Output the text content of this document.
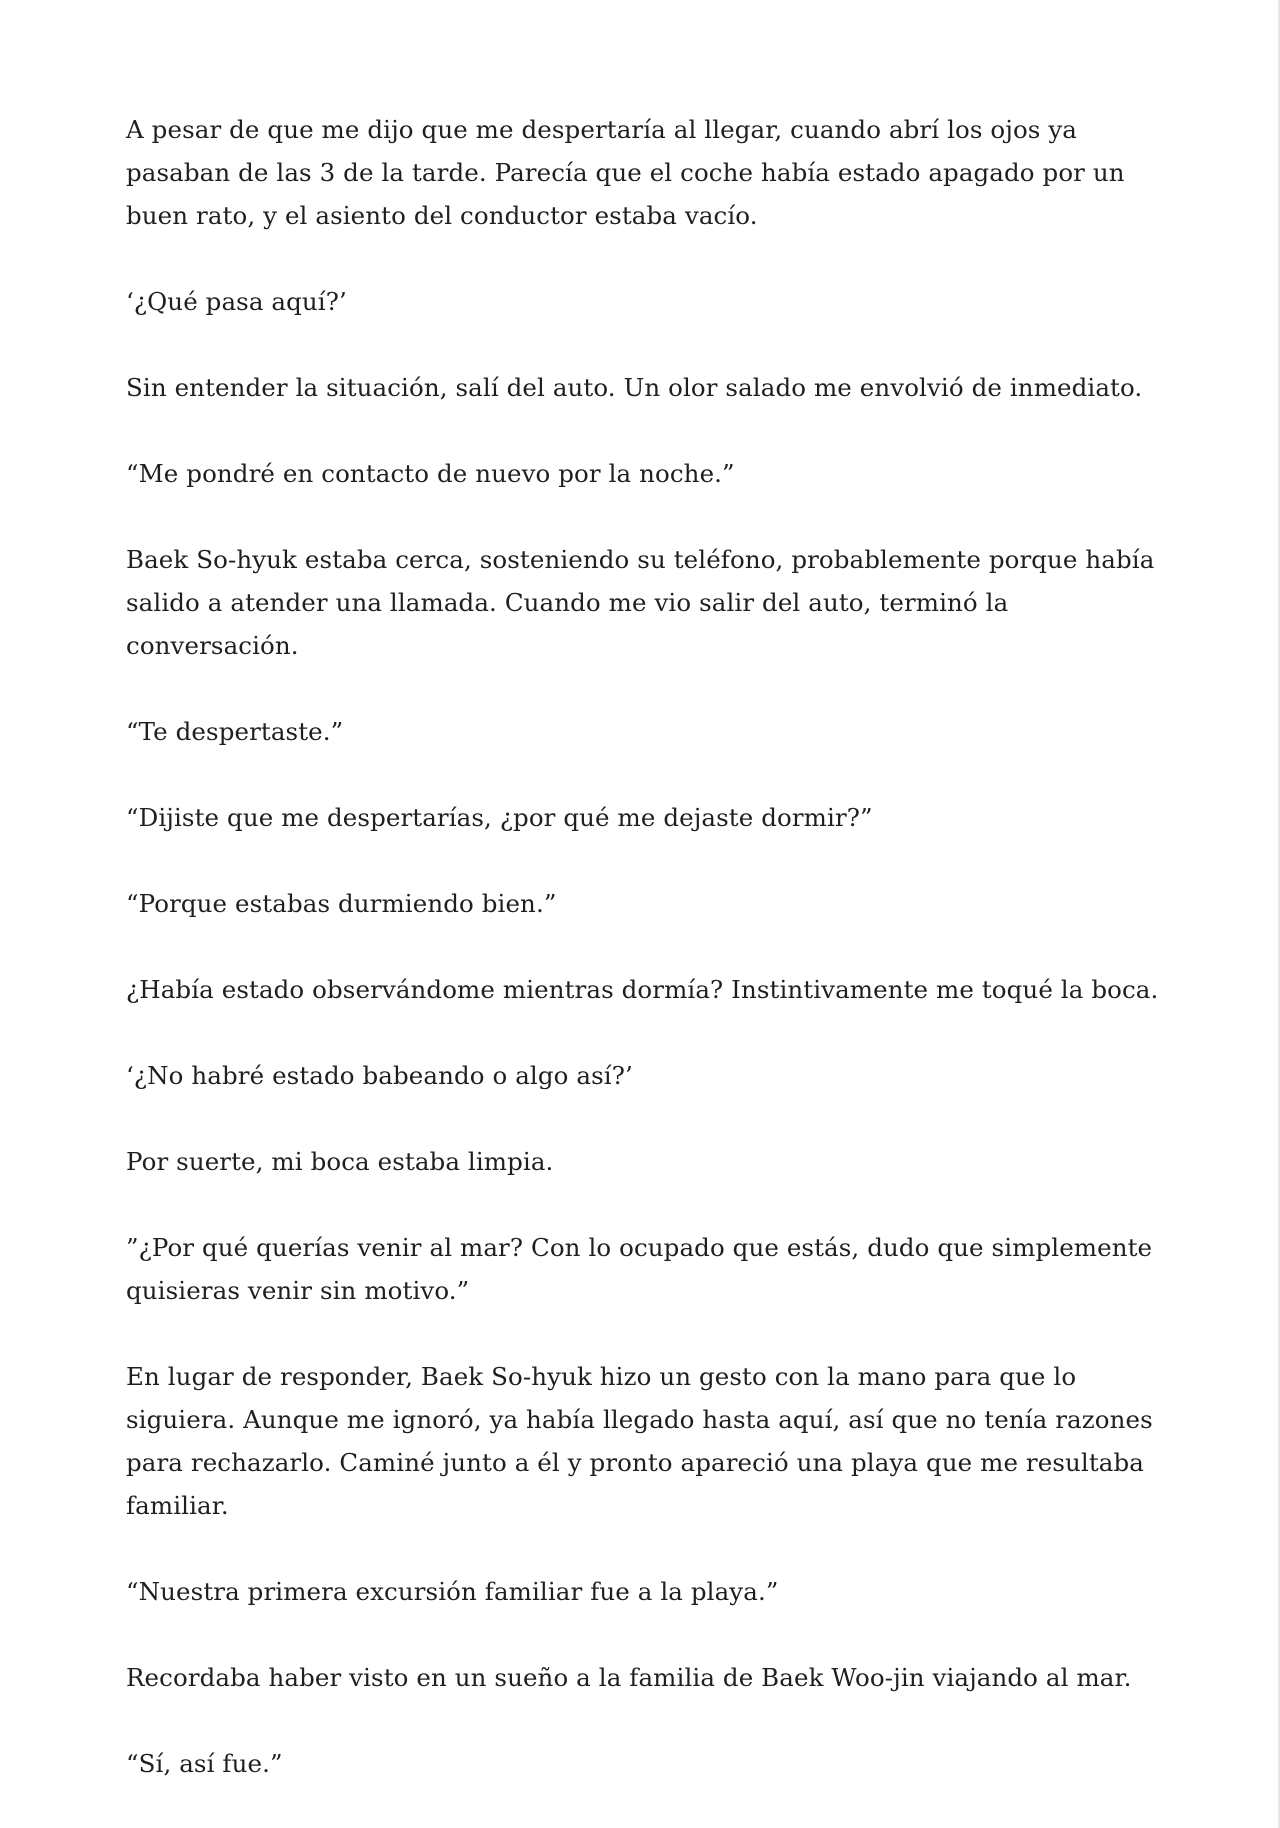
A pesar de que me dijo que me despertaría al llegar, cuando abrí los ojos ya pasaban de las 3 de la tarde. Parecía que el coche había estado apagado por un buen rato, y el asiento del conductor estaba vacío.

‘¿Qué pasa aquí?’

Sin entender la situación, salí del auto. Un olor salado me envolvió de inmediato.

“Me pondré en contacto de nuevo por la noche.”

Baek So-hyuk estaba cerca, sosteniendo su teléfono, probablemente porque había salido a atender una llamada. Cuando me vio salir del auto, terminó la conversación.

“Te despertaste.”

“Dijiste que me despertarías, ¿por qué me dejaste dormir?”

“Porque estabas durmiendo bien.”

¿Había estado observándome mientras dormía? Instintivamente me toqué la boca.

‘¿No habré estado babeando o algo así?’

Por suerte, mi boca estaba limpia.

”¿Por qué querías venir al mar? Con lo ocupado que estás, dudo que simplemente quisieras venir sin motivo.”

En lugar de responder, Baek So-hyuk hizo un gesto con la mano para que lo siguiera. Aunque me ignoró, ya había llegado hasta aquí, así que no tenía razones para rechazarlo. Caminé junto a él y pronto apareció una playa que me resultaba familiar.

“Nuestra primera excursión familiar fue a la playa.”

Recordaba haber visto en un sueño a la familia de Baek Woo-jin viajando al mar.

“Sí, así fue.”
